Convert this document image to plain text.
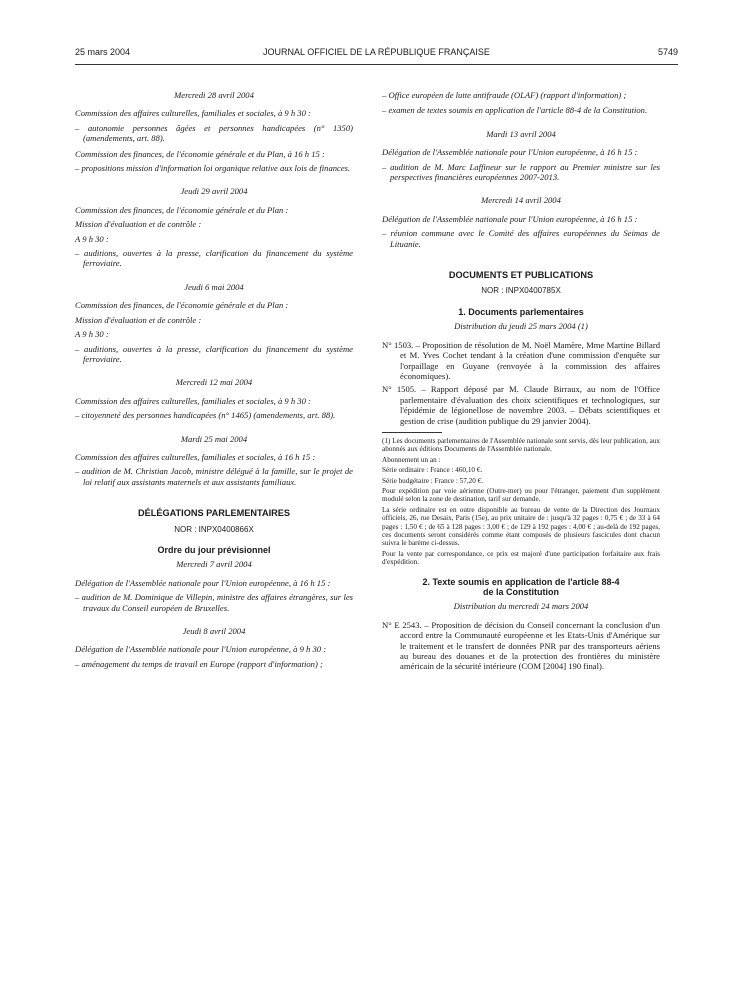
25 mars 2004	JOURNAL OFFICIEL DE LA RÉPUBLIQUE FRANÇAISE	5749
Mercredi 28 avril 2004
Commission des affaires culturelles, familiales et sociales, à 9 h 30 :
– autonomie personnes âgées et personnes handicapées (n° 1350) (amendements, art. 88).
Commission des finances, de l'économie générale et du Plan, à 16 h 15 :
– propositions mission d'information loi organique relative aux lois de finances.
Jeudi 29 avril 2004
Commission des finances, de l'économie générale et du Plan :
Mission d'évaluation et de contrôle :
A 9 h 30 :
– auditions, ouvertes à la presse, clarification du financement du système ferroviaire.
Jeudi 6 mai 2004
Commission des finances, de l'économie générale et du Plan :
Mission d'évaluation et de contrôle :
A 9 h 30 :
– auditions, ouvertes à la presse, clarification du financement du système ferroviaire.
Mercredi 12 mai 2004
Commission des affaires culturelles, familiales et sociales, à 9 h 30 :
– citoyenneté des personnes handicapées (n° 1465) (amendements, art. 88).
Mardi 25 mai 2004
Commission des affaires culturelles, familiales et sociales, à 16 h 15 :
– audition de M. Christian Jacob, ministre délégué à la famille, sur le projet de loi relatif aux assistants maternels et aux assistants familiaux.
DÉLÉGATIONS PARLEMENTAIRES
NOR : INPX0400866X
Ordre du jour prévisionnel
Mercredi 7 avril 2004
Délégation de l'Assemblée nationale pour l'Union européenne, à 16 h 15 :
– audition de M. Dominique de Villepin, ministre des affaires étrangères, sur les travaux du Conseil européen de Bruxelles.
Jeudi 8 avril 2004
Délégation de l'Assemblée nationale pour l'Union européenne, à 9 h 30 :
– aménagement du temps de travail en Europe (rapport d'information) ;
– Office européen de lutte antifraude (OLAF) (rapport d'information) ;
– examen de textes soumis en application de l'article 88-4 de la Constitution.
Mardi 13 avril 2004
Délégation de l'Assemblée nationale pour l'Union européenne, à 16 h 15 :
– audition de M. Marc Laffineur sur le rapport au Premier ministre sur les perspectives financières européennes 2007-2013.
Mercredi 14 avril 2004
Délégation de l'Assemblée nationale pour l'Union européenne, à 16 h 15 :
– réunion commune avec le Comité des affaires européennes du Seimas de Lituanie.
DOCUMENTS ET PUBLICATIONS
NOR : INPX0400785X
1. Documents parlementaires
Distribution du jeudi 25 mars 2004 (1)
N° 1503. – Proposition de résolution de M. Noël Mamère, Mme Martine Billard et M. Yves Cochet tendant à la création d'une commission d'enquête sur l'orpaillage en Guyane (renvoyée à la commission des affaires économiques).
N° 1505. – Rapport déposé par M. Claude Birraux, au nom de l'Office parlementaire d'évaluation des choix scientifiques et technologiques, sur l'épidémie de légionellose de novembre 2003. – Débats scientifiques et gestion de crise (audition publique du 29 janvier 2004).
(1) Les documents parlementaires de l'Assemblée nationale sont servis, dès leur publication, aux abonnés aux éditions Documents de l'Assemblée nationale.
Abonnement un an :
Série ordinaire : France : 460,10 €.
Série budgétaire : France : 57,20 €.
Pour expédition par voie aérienne (Outre-mer) ou pour l'étranger, paiement d'un supplément modulé selon la zone de destination, tarif sur demande.
La série ordinaire est en outre disponible au bureau de vente de la Direction des Journaux officiels, 26, rue Desaix, Paris (15e), au prix unitaire de : jusqu'à 32 pages : 0,75 € ; de 33 à 64 pages : 1,50 € ; de 65 à 128 pages : 3,00 € ; de 129 à 192 pages : 4,00 € ; au-delà de 192 pages, ces documents seront considérés comme étant composés de plusieurs fascicules dont chacun suivra le barème ci-dessus.
Pour la vente par correspondance, ce prix est majoré d'une participation forfaitaire aux frais d'expédition.
2. Texte soumis en application de l'article 88-4
de la Constitution
Distribution du mercredi 24 mars 2004
N° E 2543. – Proposition de décision du Conseil concernant la conclusion d'un accord entre la Communauté européenne et les Etats-Unis d'Amérique sur le traitement et le transfert de données PNR par des transporteurs aériens au bureau des douanes et de la protection des frontières du ministère américain de la sécurité intérieure (COM [2004] 190 final).
